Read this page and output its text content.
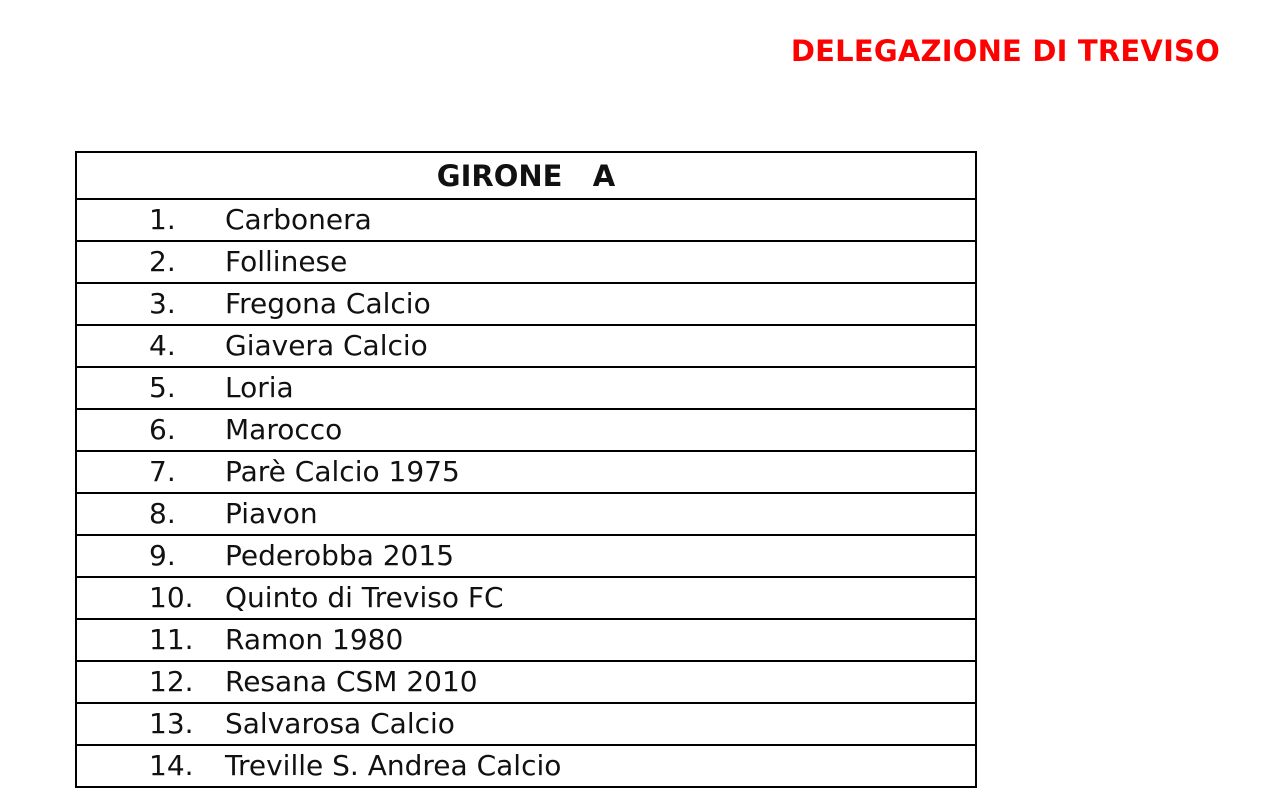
DELEGAZIONE DI TREVISO
GIRONE   A
1. Carbonera
2. Follinese
3. Fregona Calcio
4. Giavera Calcio
5. Loria
6. Marocco
7. Parè Calcio 1975
8. Piavon
9. Pederobba 2015
10. Quinto di Treviso FC
11. Ramon 1980
12. Resana CSM 2010
13. Salvarosa Calcio
14. Treville S. Andrea Calcio
